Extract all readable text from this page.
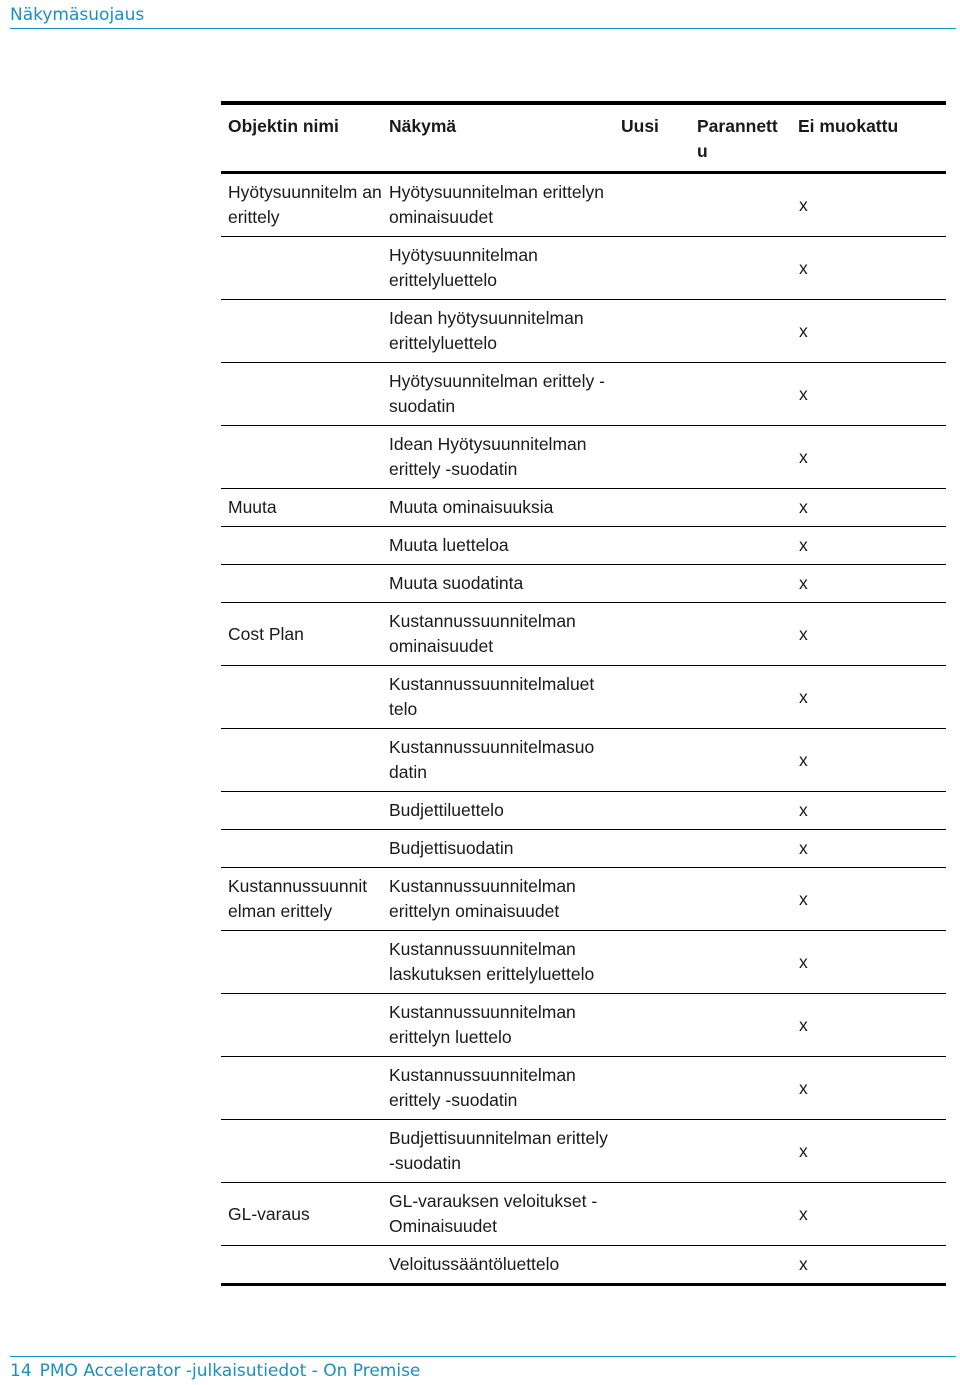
Näkymäsuojaus
Objektin nimi	Näkymä	Uusi	Parannett u	Ei muokattu
Hyötysuunnitelm an erittely	Hyötysuunnitelman erittelyn ominaisuudet			x
	Hyötysuunnitelman erittelyluettelo			x
	Idean hyötysuunnitelman erittelyluettelo			x
	Hyötysuunnitelman erittely -suodatin			x
	Idean Hyötysuunnitelman erittely -suodatin			x
Muuta	Muuta ominaisuuksia			x
	Muuta luetteloa			x
	Muuta suodatinta			x
Cost Plan	Kustannussuunnitelman ominaisuudet			x
	Kustannussuunnitelmaluet telo			x
	Kustannussuunnitelmasuo datin			x
	Budjettiluettelo			x
	Budjettisuodatin			x
Kustannussuunnit elman erittely	Kustannussuunnitelman erittelyn ominaisuudet			x
	Kustannussuunnitelman laskutuksen erittelyluettelo			x
	Kustannussuunnitelman erittelyn luettelo			x
	Kustannussuunnitelman erittely -suodatin			x
	Budjettisuunnitelman erittely -suodatin			x
GL-varaus	GL-varauksen veloitukset - Ominaisuudet			x
	Veloitussääntöluettelo			x
14 PMO Accelerator -julkaisutiedot - On Premise
